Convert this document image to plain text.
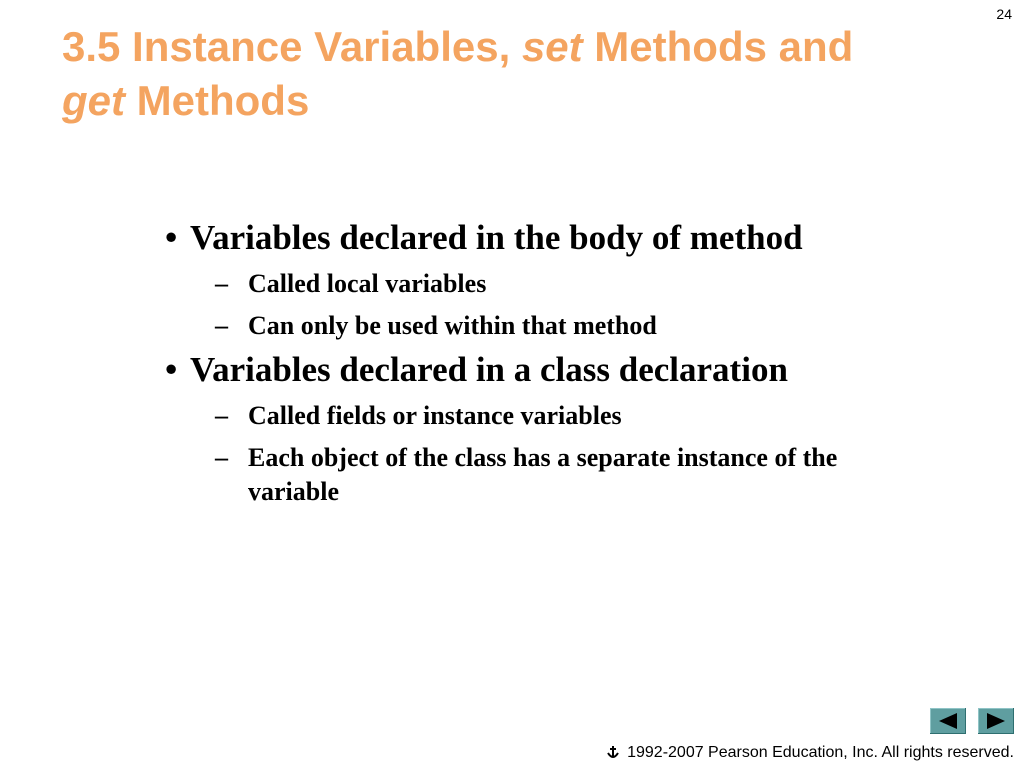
24
3.5 Instance Variables, set Methods and
get Methods
• Variables declared in the body of method
– Called local variables
– Can only be used within that method
• Variables declared in a class declaration
– Called fields or instance variables
– Each object of the class has a separate instance of the variable
1992-2007 Pearson Education, Inc. All rights reserved.
